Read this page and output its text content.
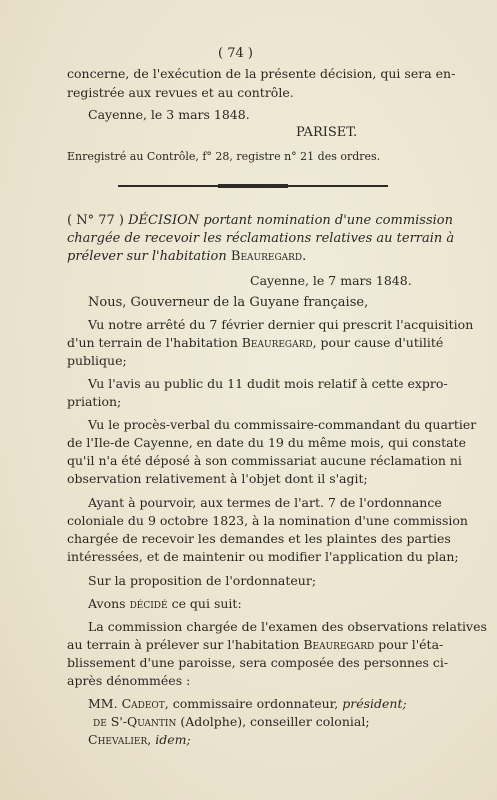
( 74 )
concerne, de l'exécution de la présente décision, qui sera en-
registrée aux revues et au contrôle.
Cayenne, le 3 mars 1848.
PARISET.
Enregistré au Contrôle, f° 28, registre n° 21 des ordres.
( N° 77 ) DÉCISION portant nomination d'une commission
chargée de recevoir les réclamations relatives au terrain à
prélever sur l'habitation Beauregard.
Cayenne, le 7 mars 1848.
Nous, Gouverneur de la Guyane française,
Vu notre arrêté du 7 février dernier qui prescrit l'acquisition
d'un terrain de l'habitation Beauregard, pour cause d'utilité
publique;
Vu l'avis au public du 11 dudit mois relatif à cette expro-
priation;
Vu le procès-verbal du commissaire-commandant du quartier
de l'Ile-de Cayenne, en date du 19 du même mois, qui constate
qu'il n'a été déposé à son commissariat aucune réclamation ni
observation relativement à l'objet dont il s'agit;
Ayant à pourvoir, aux termes de l'art. 7 de l'ordonnance
coloniale du 9 octobre 1823, à la nomination d'une commission
chargée de recevoir les demandes et les plaintes des parties
intéressées, et de maintenir ou modifier l'application du plan;
Sur la proposition de l'ordonnateur;
Avons décidé ce qui suit:
La commission chargée de l'examen des observations relatives
au terrain à prélever sur l'habitation Beauregard pour l'éta-
blissement d'une paroisse, sera composée des personnes ci-
après dénommées :
MM. Cadeot, commissaire ordonnateur, président;
de S'-Quantin (Adolphe), conseiller colonial;
Chevalier, idem;
